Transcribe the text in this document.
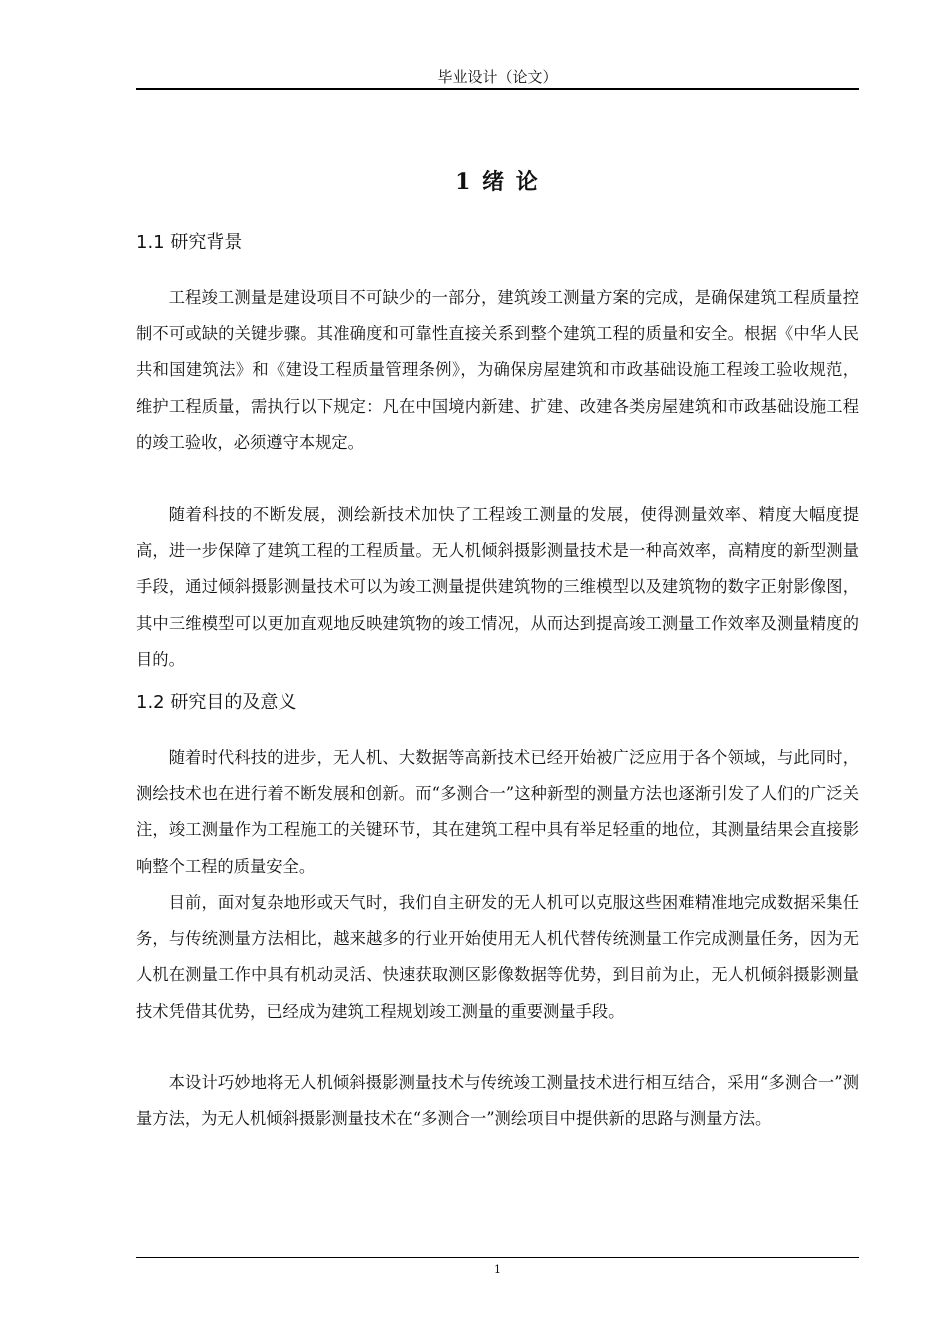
毕业设计（论文）
1 绪 论
1.1 研究背景

工程竣工测量是建设项目不可缺少的一部分，建筑竣工测量方案的完成，是确保建筑工程质量控制不可或缺的关键步骤。其准确度和可靠性直接关系到整个建筑工程的质量和安全。根据《中华人民共和国建筑法》和《建设工程质量管理条例》，为确保房屋建筑和市政基础设施工程竣工验收规范，维护工程质量，需执行以下规定：凡在中国境内新建、扩建、改建各类房屋建筑和市政基础设施工程的竣工验收，必须遵守本规定。

随着科技的不断发展，测绘新技术加快了工程竣工测量的发展，使得测量效率、精度大幅度提高，进一步保障了建筑工程的工程质量。无人机倾斜摄影测量技术是一种高效率，高精度的新型测量手段，通过倾斜摄影测量技术可以为竣工测量提供建筑物的三维模型以及建筑物的数字正射影像图，其中三维模型可以更加直观地反映建筑物的竣工情况，从而达到提高竣工测量工作效率及测量精度的目的。

1.2 研究目的及意义

随着时代科技的进步，无人机、大数据等高新技术已经开始被广泛应用于各个领域，与此同时，测绘技术也在进行着不断发展和创新。而“多测合一”这种新型的测量方法也逐渐引发了人们的广泛关注，竣工测量作为工程施工的关键环节，其在建筑工程中具有举足轻重的地位，其测量结果会直接影响整个工程的质量安全。

目前，面对复杂地形或天气时，我们自主研发的无人机可以克服这些困难精准地完成数据采集任务，与传统测量方法相比，越来越多的行业开始使用无人机代替传统测量工作完成测量任务，因为无人机在测量工作中具有机动灵活、快速获取测区影像数据等优势，到目前为止，无人机倾斜摄影测量技术凭借其优势，已经成为建筑工程规划竣工测量的重要测量手段。

本设计巧妙地将无人机倾斜摄影测量技术与传统竣工测量技术进行相互结合，采用“多测合一”测量方法，为无人机倾斜摄影测量技术在“多测合一”测绘项目中提供新的思路与测量方法。

1
